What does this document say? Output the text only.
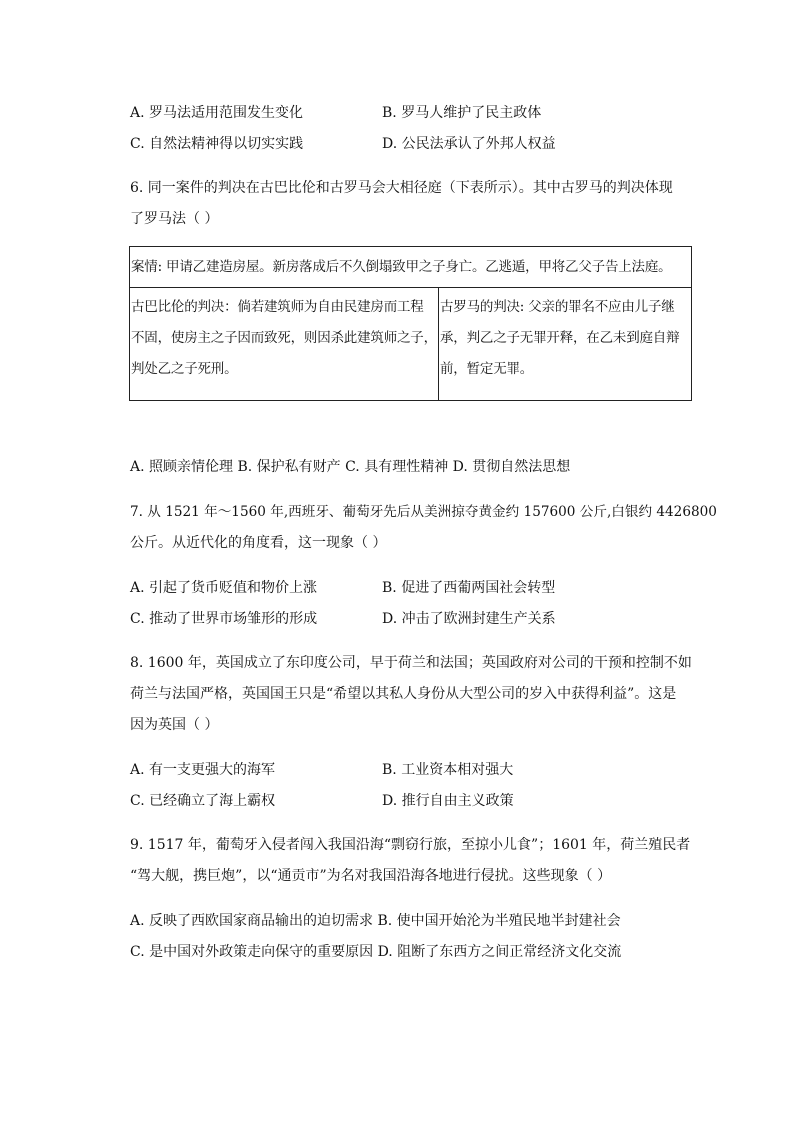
A. 罗马法适用范围发生变化	B. 罗马人维护了民主政体
C. 自然法精神得以切实实践	D. 公民法承认了外邦人权益
6. 同一案件的判决在古巴比伦和古罗马会大相径庭（下表所示）。其中古罗马的判决体现
了罗马法（ ）
案情: 甲请乙建造房屋。新房落成后不久倒塌致甲之子身亡。乙逃遁，甲将乙父子告上法庭。

古巴比伦的判决：倘若建筑师为自由民建房而工程
不固，使房主之子因而致死，则因杀此建筑师之子，
判处乙之子死刑。

古罗马的判决: 父亲的罪名不应由儿子继
承，判乙之子无罪开释，在乙未到庭自辩
前，暂定无罪。
A. 照顾亲情伦理 B. 保护私有财产 C. 具有理性精神 D. 贯彻自然法思想
7. 从 1521 年～1560 年,西班牙、葡萄牙先后从美洲掠夺黄金约 157600 公斤,白银约 4426800
公斤。从近代化的角度看，这一现象（ ）
A. 引起了货币贬值和物价上涨	B. 促进了西葡两国社会转型
C. 推动了世界市场雏形的形成	D. 冲击了欧洲封建生产关系
8. 1600 年，英国成立了东印度公司，早于荷兰和法国；英国政府对公司的干预和控制不如
荷兰与法国严格，英国国王只是“希望以其私人身份从大型公司的岁入中获得利益”。这是
因为英国（ ）
A. 有一支更强大的海军	B. 工业资本相对强大
C. 已经确立了海上霸权	D. 推行自由主义政策
9. 1517 年，葡萄牙入侵者闯入我国沿海“剽窃行旅，至掠小儿食”；1601 年，荷兰殖民者
“驾大舰，携巨炮”，以“通贡市”为名对我国沿海各地进行侵扰。这些现象（ ）
A. 反映了西欧国家商品输出的迫切需求 B. 使中国开始沦为半殖民地半封建社会
C. 是中国对外政策走向保守的重要原因 D. 阻断了东西方之间正常经济文化交流
